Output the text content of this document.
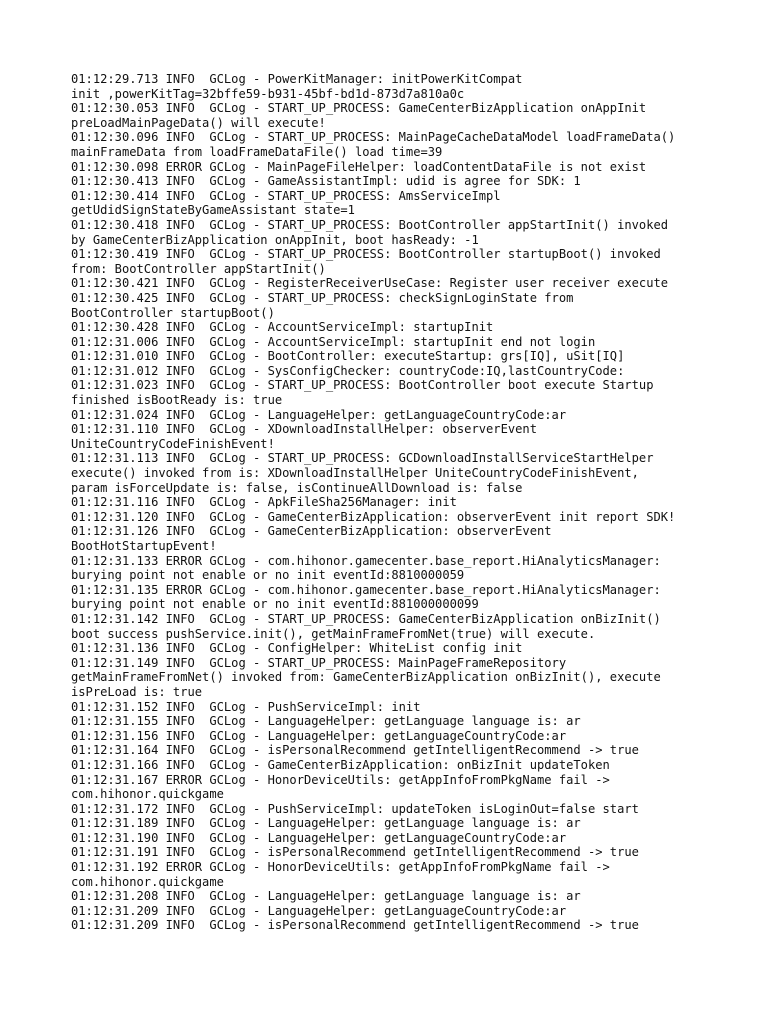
01:12:29.713 INFO  GCLog - PowerKitManager: initPowerKitCompat
init ,powerKitTag=32bffe59-b931-45bf-bd1d-873d7a810a0c
01:12:30.053 INFO  GCLog - START_UP_PROCESS: GameCenterBizApplication onAppInit
preLoadMainPageData() will execute!
01:12:30.096 INFO  GCLog - START_UP_PROCESS: MainPageCacheDataModel loadFrameData()
mainFrameData from loadFrameDataFile() load time=39
01:12:30.098 ERROR GCLog - MainPageFileHelper: loadContentDataFile is not exist
01:12:30.413 INFO  GCLog - GameAssistantImpl: udid is agree for SDK: 1
01:12:30.414 INFO  GCLog - START_UP_PROCESS: AmsServiceImpl
getUdidSignStateByGameAssistant state=1
01:12:30.418 INFO  GCLog - START_UP_PROCESS: BootController appStartInit() invoked
by GameCenterBizApplication onAppInit, boot hasReady: -1
01:12:30.419 INFO  GCLog - START_UP_PROCESS: BootController startupBoot() invoked
from: BootController appStartInit()
01:12:30.421 INFO  GCLog - RegisterReceiverUseCase: Register user receiver execute
01:12:30.425 INFO  GCLog - START_UP_PROCESS: checkSignLoginState from
BootController startupBoot()
01:12:30.428 INFO  GCLog - AccountServiceImpl: startupInit
01:12:31.006 INFO  GCLog - AccountServiceImpl: startupInit end not login
01:12:31.010 INFO  GCLog - BootController: executeStartup: grs[IQ], uSit[IQ]
01:12:31.012 INFO  GCLog - SysConfigChecker: countryCode:IQ,lastCountryCode:
01:12:31.023 INFO  GCLog - START_UP_PROCESS: BootController boot execute Startup
finished isBootReady is: true
01:12:31.024 INFO  GCLog - LanguageHelper: getLanguageCountryCode:ar
01:12:31.110 INFO  GCLog - XDownloadInstallHelper: observerEvent
UniteCountryCodeFinishEvent!
01:12:31.113 INFO  GCLog - START_UP_PROCESS: GCDownloadInstallServiceStartHelper
execute() invoked from is: XDownloadInstallHelper UniteCountryCodeFinishEvent,
param isForceUpdate is: false, isContinueAllDownload is: false
01:12:31.116 INFO  GCLog - ApkFileSha256Manager: init
01:12:31.120 INFO  GCLog - GameCenterBizApplication: observerEvent init report SDK!
01:12:31.126 INFO  GCLog - GameCenterBizApplication: observerEvent
BootHotStartupEvent!
01:12:31.133 ERROR GCLog - com.hihonor.gamecenter.base_report.HiAnalyticsManager:
burying point not enable or no init eventId:8810000059
01:12:31.135 ERROR GCLog - com.hihonor.gamecenter.base_report.HiAnalyticsManager:
burying point not enable or no init eventId:881000000099
01:12:31.142 INFO  GCLog - START_UP_PROCESS: GameCenterBizApplication onBizInit()
boot success pushService.init(), getMainFrameFromNet(true) will execute.
01:12:31.136 INFO  GCLog - ConfigHelper: WhiteList config init
01:12:31.149 INFO  GCLog - START_UP_PROCESS: MainPageFrameRepository
getMainFrameFromNet() invoked from: GameCenterBizApplication onBizInit(), execute
isPreLoad is: true
01:12:31.152 INFO  GCLog - PushServiceImpl: init
01:12:31.155 INFO  GCLog - LanguageHelper: getLanguage language is: ar
01:12:31.156 INFO  GCLog - LanguageHelper: getLanguageCountryCode:ar
01:12:31.164 INFO  GCLog - isPersonalRecommend getIntelligentRecommend -> true
01:12:31.166 INFO  GCLog - GameCenterBizApplication: onBizInit updateToken
01:12:31.167 ERROR GCLog - HonorDeviceUtils: getAppInfoFromPkgName fail ->
com.hihonor.quickgame
01:12:31.172 INFO  GCLog - PushServiceImpl: updateToken isLoginOut=false start
01:12:31.189 INFO  GCLog - LanguageHelper: getLanguage language is: ar
01:12:31.190 INFO  GCLog - LanguageHelper: getLanguageCountryCode:ar
01:12:31.191 INFO  GCLog - isPersonalRecommend getIntelligentRecommend -> true
01:12:31.192 ERROR GCLog - HonorDeviceUtils: getAppInfoFromPkgName fail ->
com.hihonor.quickgame
01:12:31.208 INFO  GCLog - LanguageHelper: getLanguage language is: ar
01:12:31.209 INFO  GCLog - LanguageHelper: getLanguageCountryCode:ar
01:12:31.209 INFO  GCLog - isPersonalRecommend getIntelligentRecommend -> true
